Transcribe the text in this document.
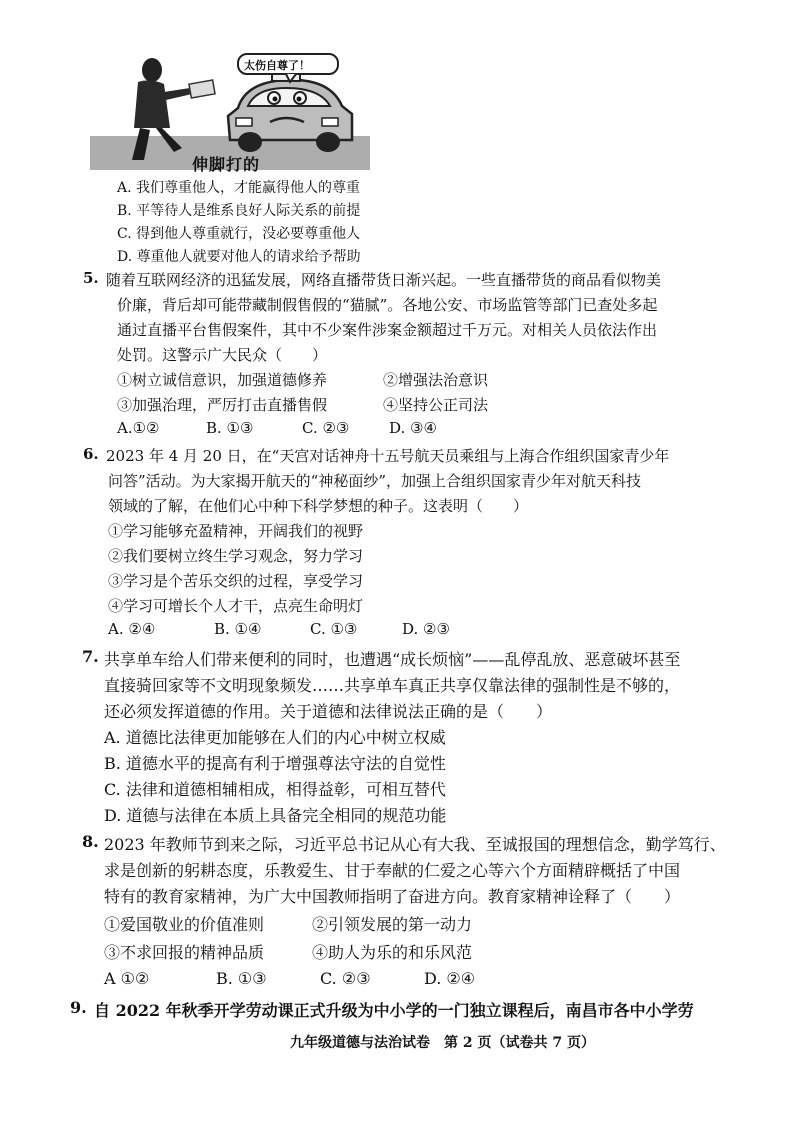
太伤自尊了！
伸脚打的
A. 我们尊重他人，才能赢得他人的尊重
B. 平等待人是维系良好人际关系的前提
C. 得到他人尊重就行，没必要尊重他人
D. 尊重他人就要对他人的请求给予帮助
5. 随着互联网经济的迅猛发展，网络直播带货日渐兴起。一些直播带货的商品看似物美
价廉，背后却可能带藏制假售假的“猫腻”。各地公安、市场监管等部门已查处多起
通过直播平台售假案件，其中不少案件涉案金额超过千万元。对相关人员依法作出
处罚。这警示广大民众（　　）
①树立诚信意识，加强道德修养	②增强法治意识
③加强治理，严厉打击直播售假	④坚持公正司法
A.①②	B. ①③	C. ②③	D. ③④
6. 2023 年 4 月 20 日，在“天宫对话神舟十五号航天员乘组与上海合作组织国家青少年
问答”活动。为大家揭开航天的“神秘面纱”，加强上合组织国家青少年对航天科技
领域的了解，在他们心中种下科学梦想的种子。这表明（　　）
①学习能够充盈精神，开阔我们的视野
②我们要树立终生学习观念，努力学习
③学习是个苦乐交织的过程，享受学习
④学习可增长个人才干，点亮生命明灯
A. ②④	B. ①④	C. ①③	D. ②③
7. 共享单车给人们带来便利的同时，也遭遇“成长烦恼”——乱停乱放、恶意破坏甚至
直接骑回家等不文明现象频发……共享单车真正共享仅靠法律的强制性是不够的，
还必须发挥道德的作用。关于道德和法律说法正确的是（　　）
A. 道德比法律更加能够在人们的内心中树立权威
B. 道德水平的提高有利于增强尊法守法的自觉性
C. 法律和道德相辅相成，相得益彰，可相互替代
D. 道德与法律在本质上具备完全相同的规范功能
8. 2023 年教师节到来之际，习近平总书记从心有大我、至诚报国的理想信念，勤学笃行、
求是创新的躬耕态度，乐教爱生、甘于奉献的仁爱之心等六个方面精辟概括了中国
特有的教育家精神，为广大中国教师指明了奋进方向。教育家精神诠释了（　　）
①爱国敬业的价值准则	②引领发展的第一动力
③不求回报的精神品质	④助人为乐的和乐风范
A ①②	B. ①③	C. ②③	D. ②④
9. 自 2022 年秋季开学劳动课正式升级为中小学的一门独立课程后，南昌市各中小学劳
九年级道德与法治试卷　第 2 页（试卷共 7 页）
